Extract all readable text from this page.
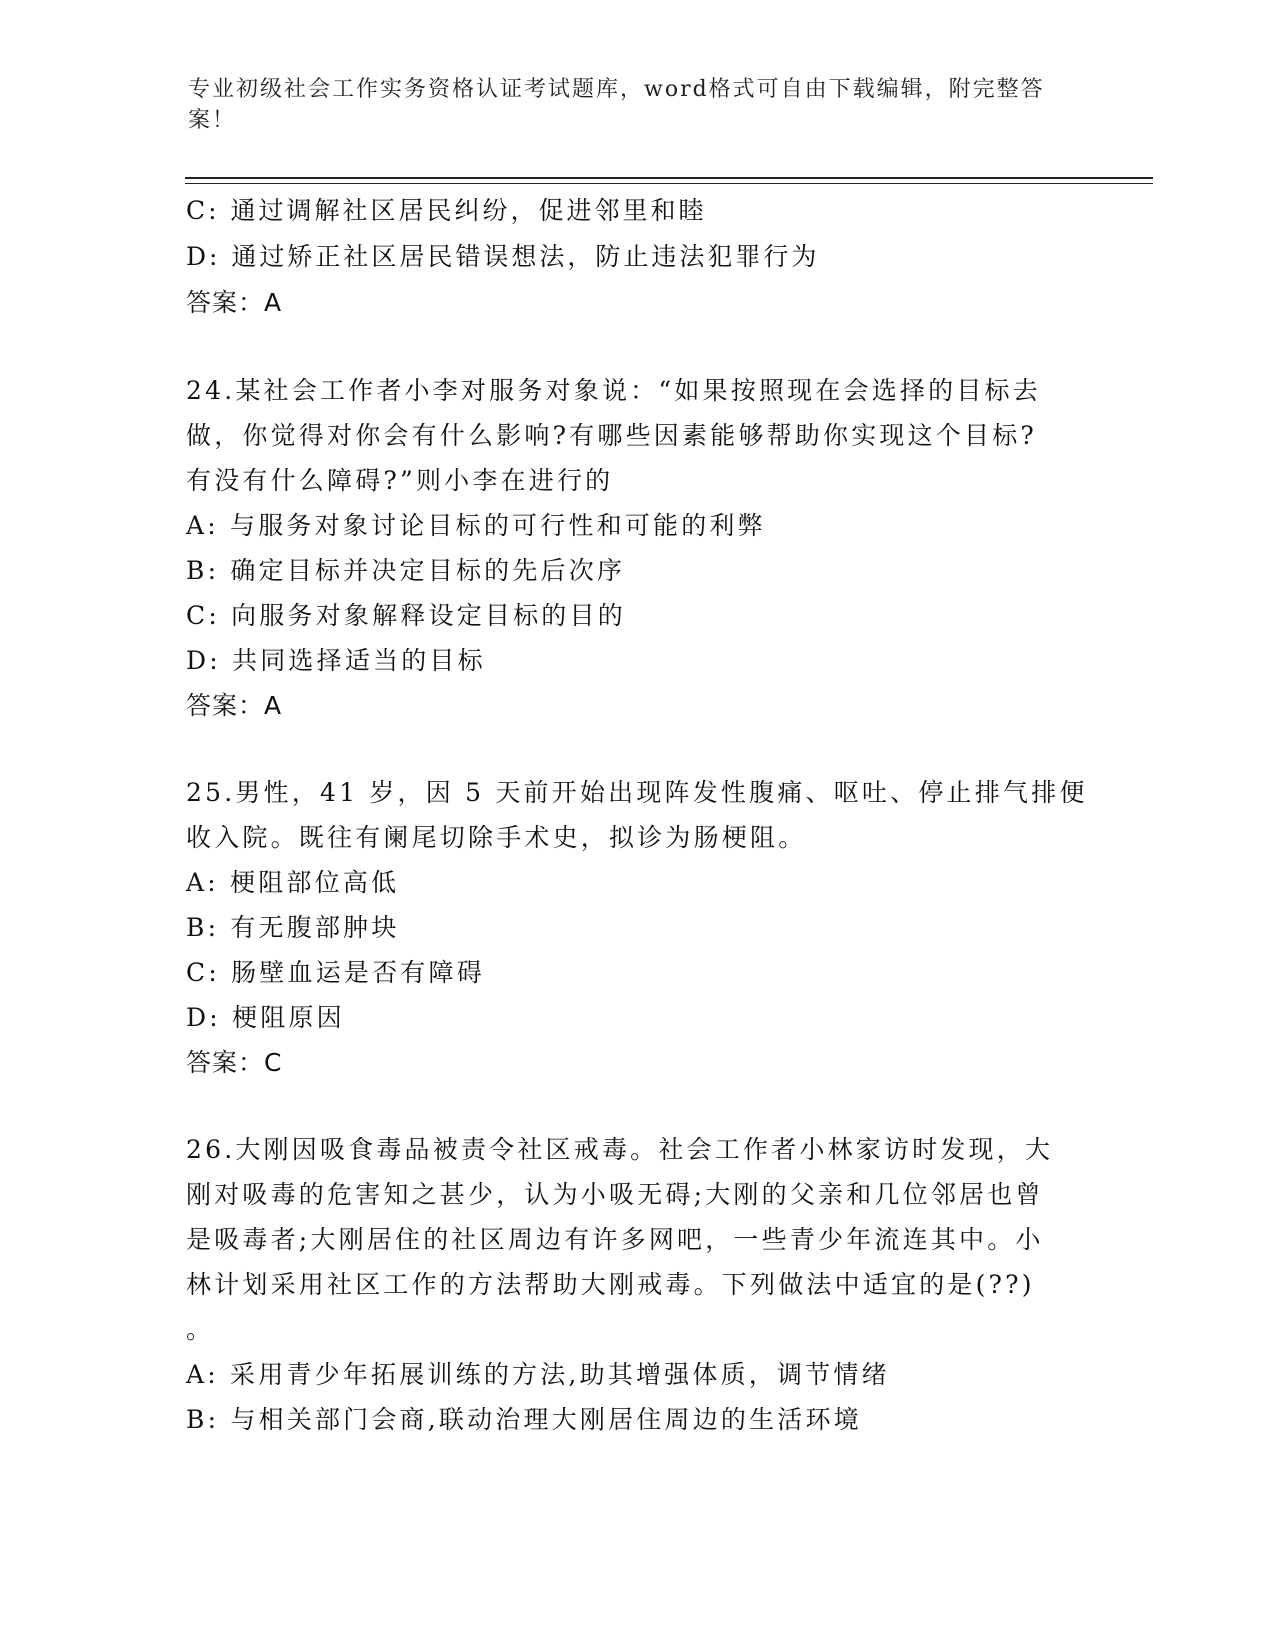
专业初级社会工作实务资格认证考试题库，word格式可自由下载编辑，附完整答
案！
C: 通过调解社区居民纠纷，促进邻里和睦
D: 通过矫正社区居民错误想法，防止违法犯罪行为
答案：A
24.某社会工作者小李对服务对象说：“如果按照现在会选择的目标去
做，你觉得对你会有什么影响?有哪些因素能够帮助你实现这个目标?
有没有什么障碍?”则小李在进行的
A: 与服务对象讨论目标的可行性和可能的利弊
B: 确定目标并决定目标的先后次序
C: 向服务对象解释设定目标的目的
D: 共同选择适当的目标
答案：A
25.男性，41 岁，因 5 天前开始出现阵发性腹痛、呕吐、停止排气排便
收入院。既往有阑尾切除手术史，拟诊为肠梗阻。
A: 梗阻部位高低
B: 有无腹部肿块
C: 肠壁血运是否有障碍
D: 梗阻原因
答案：C
26.大刚因吸食毒品被责令社区戒毒。社会工作者小林家访时发现，大
刚对吸毒的危害知之甚少，认为小吸无碍;大刚的父亲和几位邻居也曾
是吸毒者;大刚居住的社区周边有许多网吧，一些青少年流连其中。小
林计划采用社区工作的方法帮助大刚戒毒。下列做法中适宜的是(??)
。
A: 采用青少年拓展训练的方法,助其增强体质，调节情绪
B: 与相关部门会商,联动治理大刚居住周边的生活环境
